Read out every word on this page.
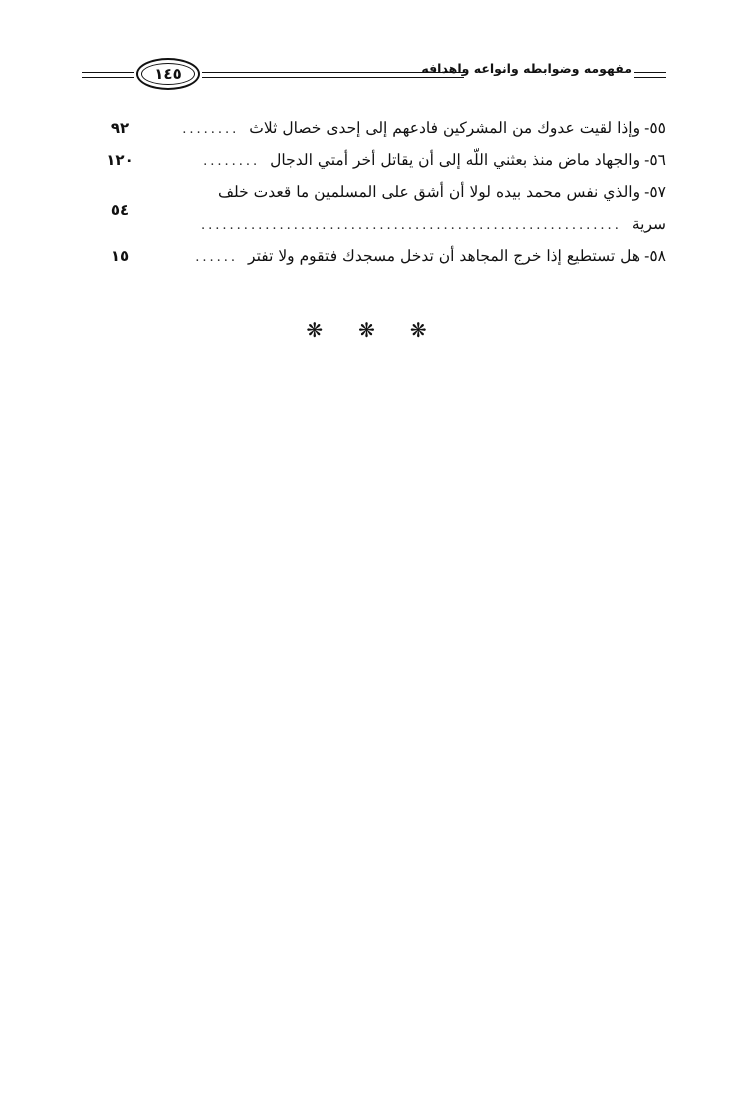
١٤٥	مفهومه وضوابطه وانواعه واهدافه
٥٥-
وإذا لقيت عدوك من المشركين فادعهم إلى إحدى خصال ثلاث
........
٩٢
٥٦-
والجهاد ماض منذ بعثني اللّه إلى أن يقاتل أخر أمتي الدجال
........
١٢٠
٥٧-
والذي نفس محمد بيده لولا أن أشق على المسلمين ما قعدت خلف
سرية
...........................................................
٥٤
٥٨-
هل تستطيع إذا خرج المجاهد أن تدخل مسجدك فتقوم ولا تفتر
......
١٥
❋ ❋ ❋
